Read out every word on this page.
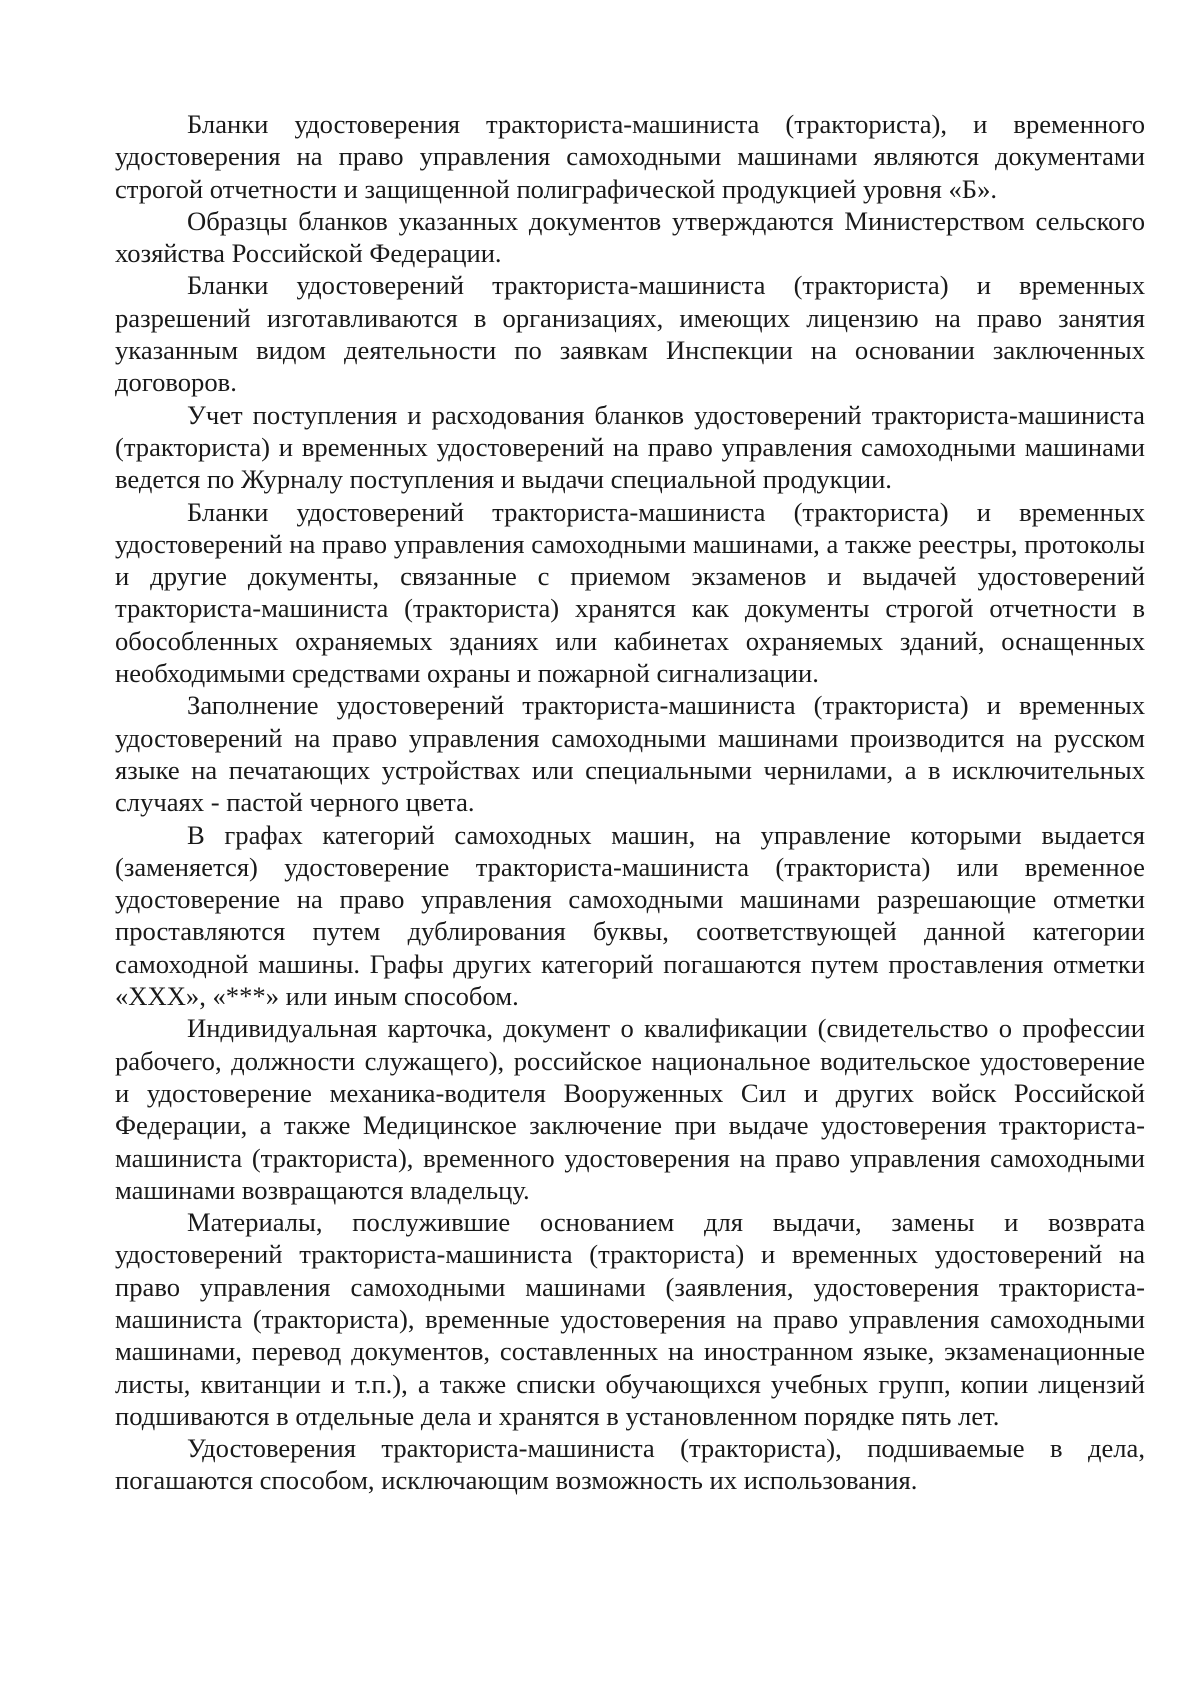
Бланки удостоверения тракториста-машиниста (тракториста), и временного удостоверения на право управления самоходными машинами являются документами строгой отчетности и защищенной полиграфической продукцией уровня «Б».

Образцы бланков указанных документов утверждаются Министерством сельского хозяйства Российской Федерации.

Бланки удостоверений тракториста-машиниста (тракториста) и временных разрешений изготавливаются в организациях, имеющих лицензию на право занятия указанным видом деятельности по заявкам Инспекции на основании заключенных договоров.

Учет поступления и расходования бланков удостоверений тракториста-машиниста (тракториста) и временных удостоверений на право управления самоходными машинами ведется по Журналу поступления и выдачи специальной продукции.

Бланки удостоверений тракториста-машиниста (тракториста) и временных удостоверений на право управления самоходными машинами, а также реестры, протоколы и другие документы, связанные с приемом экзаменов и выдачей удостоверений тракториста-машиниста (тракториста) хранятся как документы строгой отчетности в обособленных охраняемых зданиях или кабинетах охраняемых зданий, оснащенных необходимыми средствами охраны и пожарной сигнализации.

Заполнение удостоверений тракториста-машиниста (тракториста) и временных удостоверений на право управления самоходными машинами производится на русском языке на печатающих устройствах или специальными чернилами, а в исключительных случаях - пастой черного цвета.

В графах категорий самоходных машин, на управление которыми выдается (заменяется) удостоверение тракториста-машиниста (тракториста) или временное удостоверение на право управления самоходными машинами разрешающие отметки проставляются путем дублирования буквы, соответствующей данной категории самоходной машины. Графы других категорий погашаются путем проставления отметки «XXX», «***» или иным способом.

Индивидуальная карточка, документ о квалификации (свидетельство о профессии рабочего, должности служащего), российское национальное водительское удостоверение и удостоверение механика-водителя Вооруженных Сил и других войск Российской Федерации, а также Медицинское заключение при выдаче удостоверения тракториста-машиниста (тракториста), временного удостоверения на право управления самоходными машинами возвращаются владельцу.

Материалы, послужившие основанием для выдачи, замены и возврата удостоверений тракториста-машиниста (тракториста) и временных удостоверений на право управления самоходными машинами (заявления, удостоверения тракториста-машиниста (тракториста), временные удостоверения на право управления самоходными машинами, перевод документов, составленных на иностранном языке, экзаменационные листы, квитанции и т.п.), а также списки обучающихся учебных групп, копии лицензий подшиваются в отдельные дела и хранятся в установленном порядке пять лет.

Удостоверения тракториста-машиниста (тракториста), подшиваемые в дела, погашаются способом, исключающим возможность их использования.
